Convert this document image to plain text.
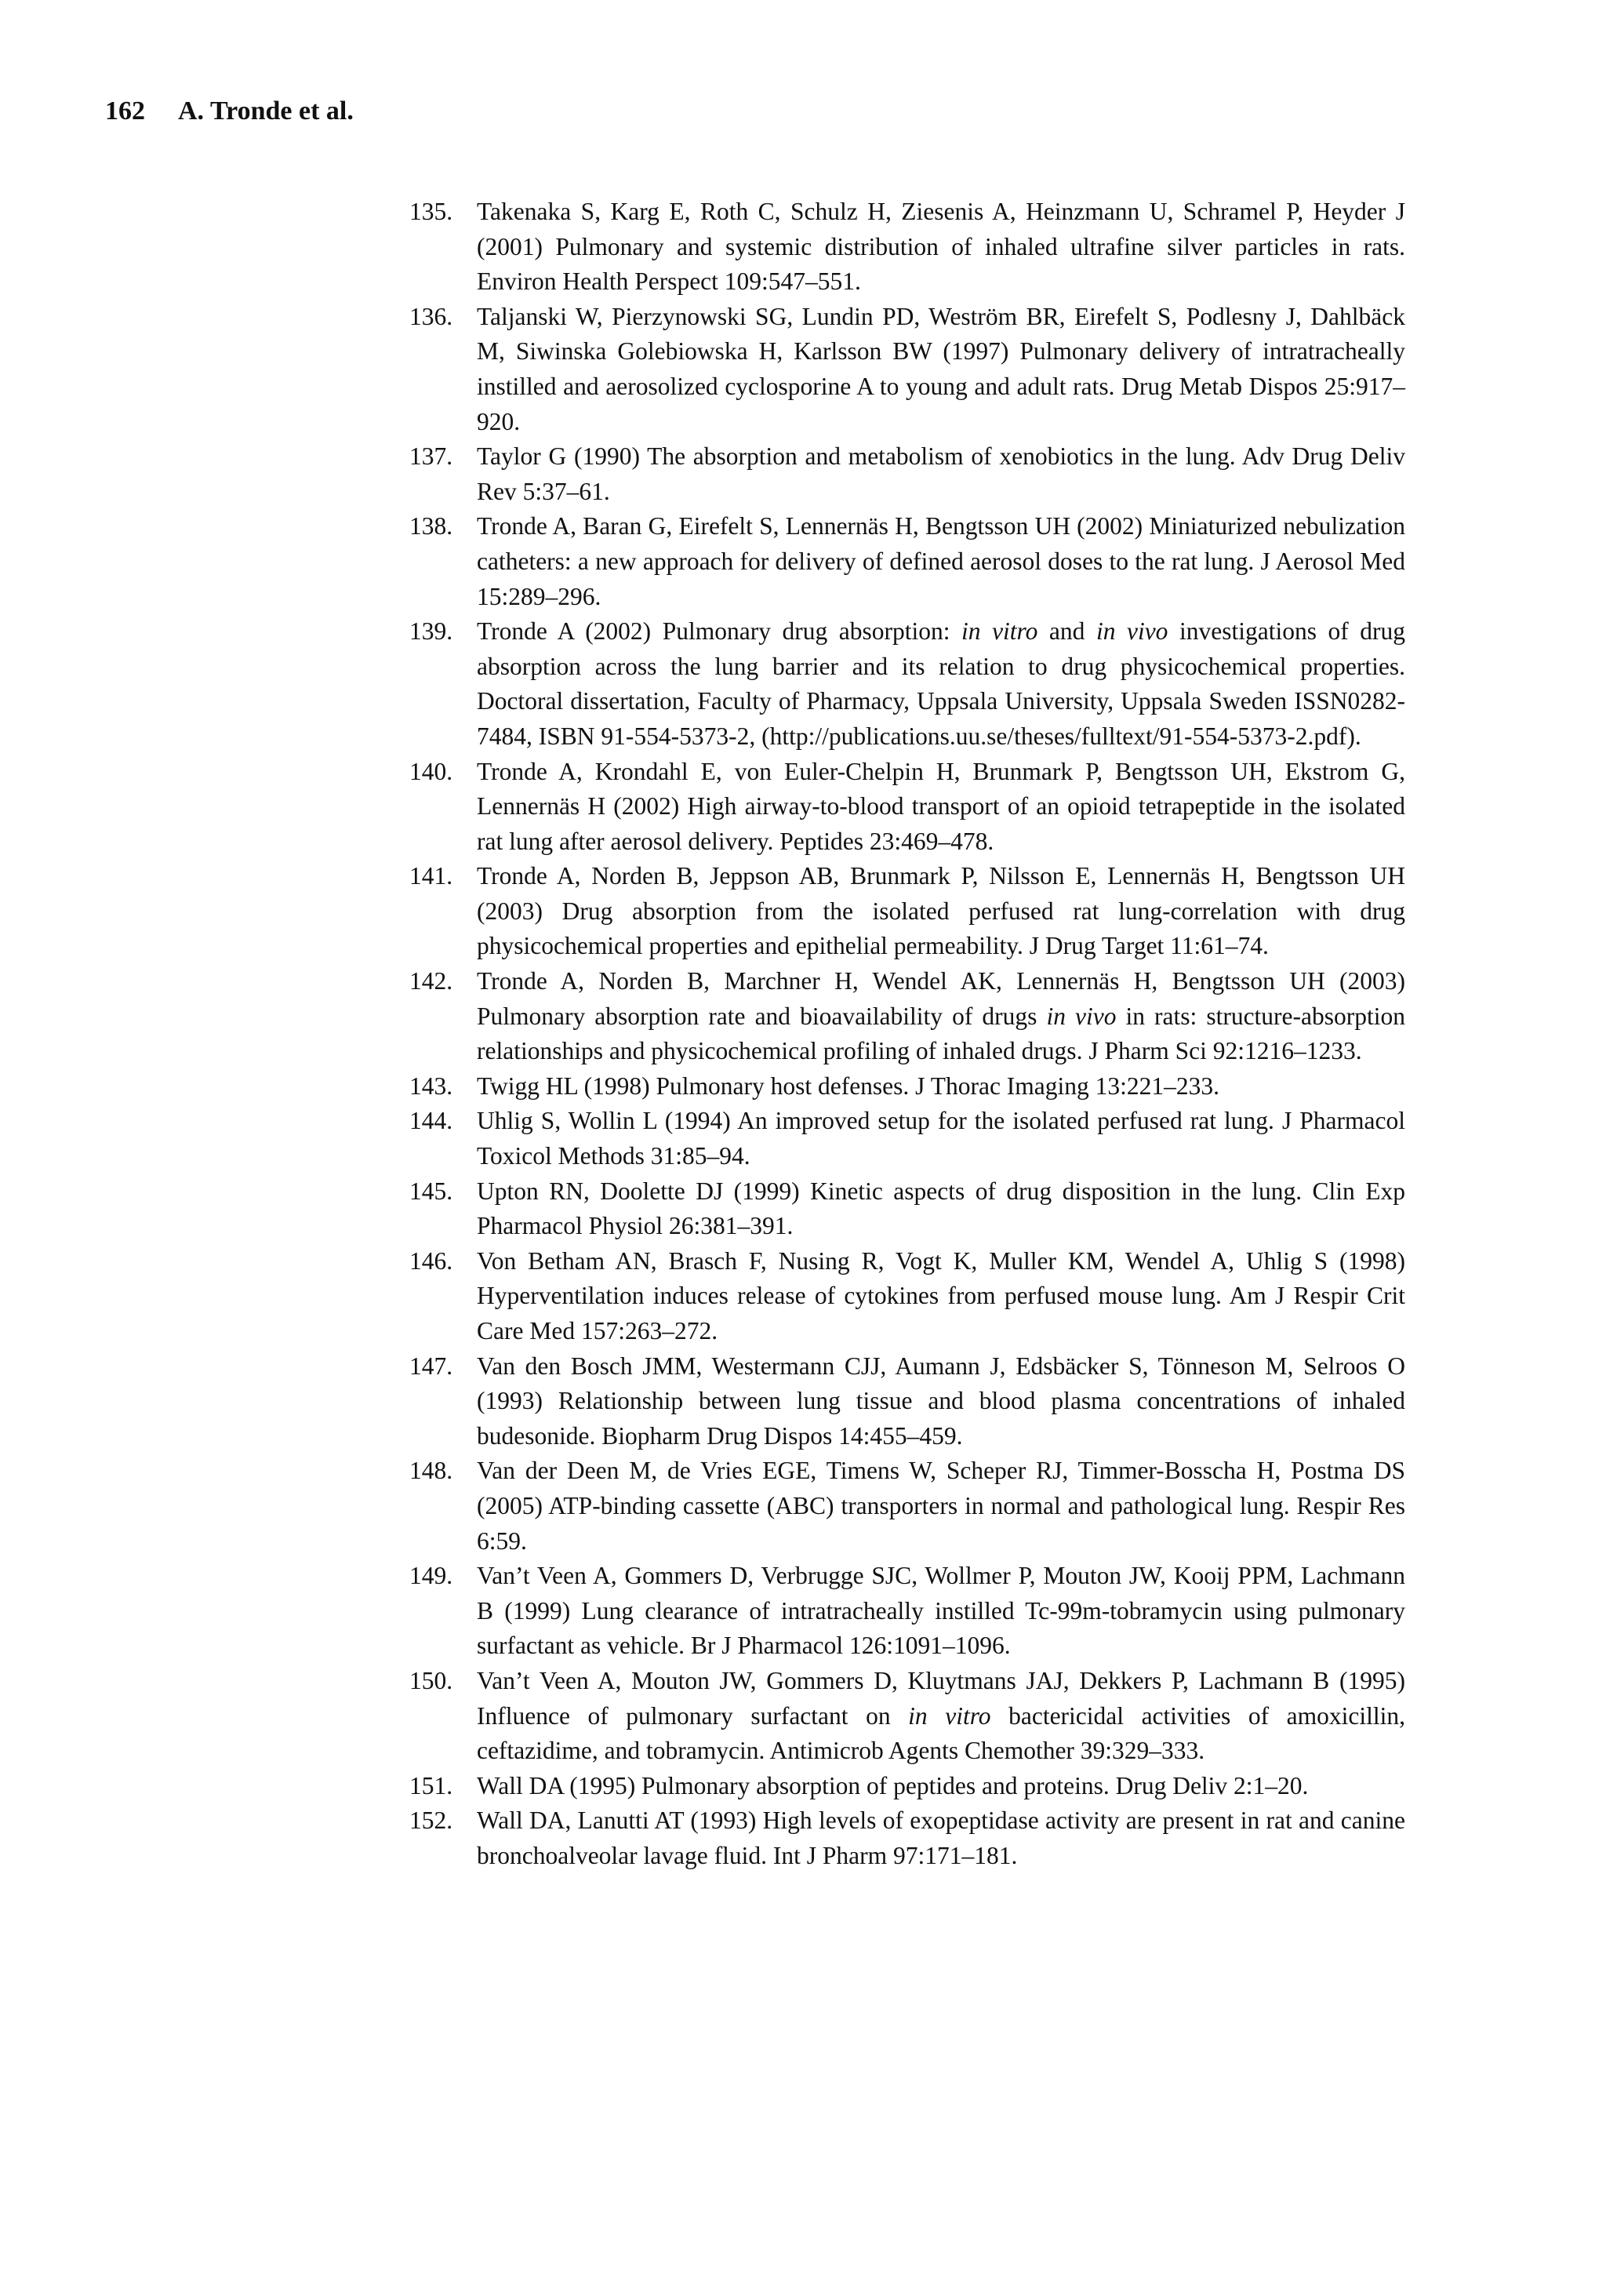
162 A. Tronde et al.
135. Takenaka S, Karg E, Roth C, Schulz H, Ziesenis A, Heinzmann U, Schramel P, Heyder J (2001) Pulmonary and systemic distribution of inhaled ultrafine silver particles in rats. Environ Health Perspect 109:547–551.
136. Taljanski W, Pierzynowski SG, Lundin PD, Weström BR, Eirefelt S, Podlesny J, Dahlbäck M, Siwinska Golebiowska H, Karlsson BW (1997) Pulmonary delivery of intratracheally instilled and aerosolized cyclosporine A to young and adult rats. Drug Metab Dispos 25:917–920.
137. Taylor G (1990) The absorption and metabolism of xenobiotics in the lung. Adv Drug Deliv Rev 5:37–61.
138. Tronde A, Baran G, Eirefelt S, Lennernäs H, Bengtsson UH (2002) Miniaturized nebulization catheters: a new approach for delivery of defined aerosol doses to the rat lung. J Aerosol Med 15:289–296.
139. Tronde A (2002) Pulmonary drug absorption: in vitro and in vivo investigations of drug absorption across the lung barrier and its relation to drug physicochemical properties. Doctoral dissertation, Faculty of Pharmacy, Uppsala University, Uppsala Sweden ISSN0282-7484, ISBN 91-554-5373-2, (http://publications.uu.se/theses/fulltext/91-554-5373-2.pdf).
140. Tronde A, Krondahl E, von Euler-Chelpin H, Brunmark P, Bengtsson UH, Ekstrom G, Lennernäs H (2002) High airway-to-blood transport of an opioid tetrapeptide in the isolated rat lung after aerosol delivery. Peptides 23:469–478.
141. Tronde A, Norden B, Jeppson AB, Brunmark P, Nilsson E, Lennernäs H, Bengtsson UH (2003) Drug absorption from the isolated perfused rat lung-correlation with drug physicochemical properties and epithelial permeability. J Drug Target 11:61–74.
142. Tronde A, Norden B, Marchner H, Wendel AK, Lennernäs H, Bengtsson UH (2003) Pulmonary absorption rate and bioavailability of drugs in vivo in rats: structure-absorption relationships and physicochemical profiling of inhaled drugs. J Pharm Sci 92:1216–1233.
143. Twigg HL (1998) Pulmonary host defenses. J Thorac Imaging 13:221–233.
144. Uhlig S, Wollin L (1994) An improved setup for the isolated perfused rat lung. J Pharmacol Toxicol Methods 31:85–94.
145. Upton RN, Doolette DJ (1999) Kinetic aspects of drug disposition in the lung. Clin Exp Pharmacol Physiol 26:381–391.
146. Von Betham AN, Brasch F, Nusing R, Vogt K, Muller KM, Wendel A, Uhlig S (1998) Hyperventilation induces release of cytokines from perfused mouse lung. Am J Respir Crit Care Med 157:263–272.
147. Van den Bosch JMM, Westermann CJJ, Aumann J, Edsbäcker S, Tönneson M, Selroos O (1993) Relationship between lung tissue and blood plasma concentrations of inhaled budesonide. Biopharm Drug Dispos 14:455–459.
148. Van der Deen M, de Vries EGE, Timens W, Scheper RJ, Timmer-Bosscha H, Postma DS (2005) ATP-binding cassette (ABC) transporters in normal and pathological lung. Respir Res 6:59.
149. Van’t Veen A, Gommers D, Verbrugge SJC, Wollmer P, Mouton JW, Kooij PPM, Lachmann B (1999) Lung clearance of intratracheally instilled Tc-99m-tobramycin using pulmonary surfactant as vehicle. Br J Pharmacol 126:1091–1096.
150. Van’t Veen A, Mouton JW, Gommers D, Kluytmans JAJ, Dekkers P, Lachmann B (1995) Influence of pulmonary surfactant on in vitro bactericidal activities of amoxicillin, ceftazidime, and tobramycin. Antimicrob Agents Chemother 39:329–333.
151. Wall DA (1995) Pulmonary absorption of peptides and proteins. Drug Deliv 2:1–20.
152. Wall DA, Lanutti AT (1993) High levels of exopeptidase activity are present in rat and canine bronchoalveolar lavage fluid. Int J Pharm 97:171–181.
